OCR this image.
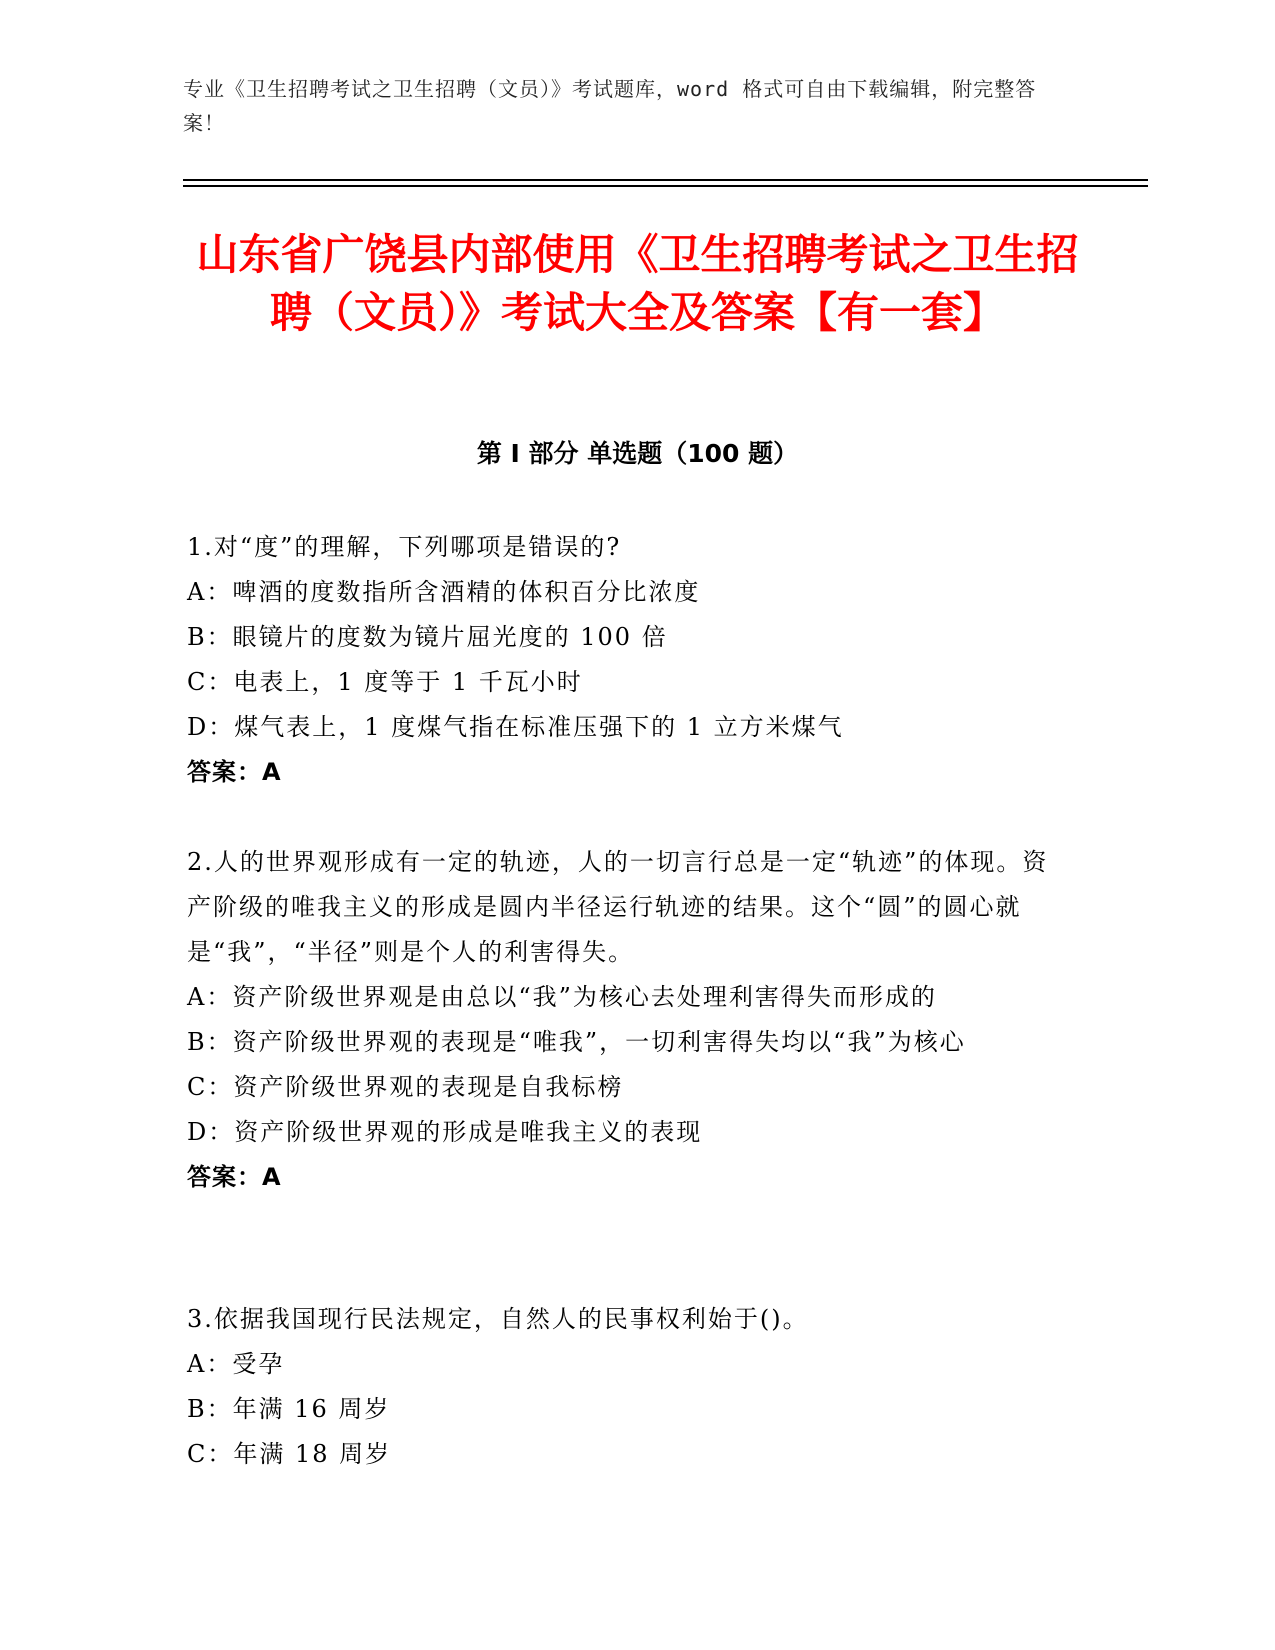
专业《卫生招聘考试之卫生招聘（文员）》考试题库，word 格式可自由下载编辑，附完整答案！
山东省广饶县内部使用《卫生招聘考试之卫生招聘（文员）》考试大全及答案【有一套】
第 I 部分 单选题（100 题）
1.对“度”的理解，下列哪项是错误的?
A：啤酒的度数指所含酒精的体积百分比浓度
B：眼镜片的度数为镜片屈光度的 100 倍
C：电表上，1 度等于 1 千瓦小时
D：煤气表上，1 度煤气指在标准压强下的 1 立方米煤气
答案：A
2.人的世界观形成有一定的轨迹，人的一切言行总是一定“轨迹”的体现。资产阶级的唯我主义的形成是圆内半径运行轨迹的结果。这个“圆”的圆心就是“我”，“半径”则是个人的利害得失。
A：资产阶级世界观是由总以“我”为核心去处理利害得失而形成的
B：资产阶级世界观的表现是“唯我”，一切利害得失均以“我”为核心
C：资产阶级世界观的表现是自我标榜
D：资产阶级世界观的形成是唯我主义的表现
答案：A
3.依据我国现行民法规定，自然人的民事权利始于()。
A：受孕
B：年满 16 周岁
C：年满 18 周岁
